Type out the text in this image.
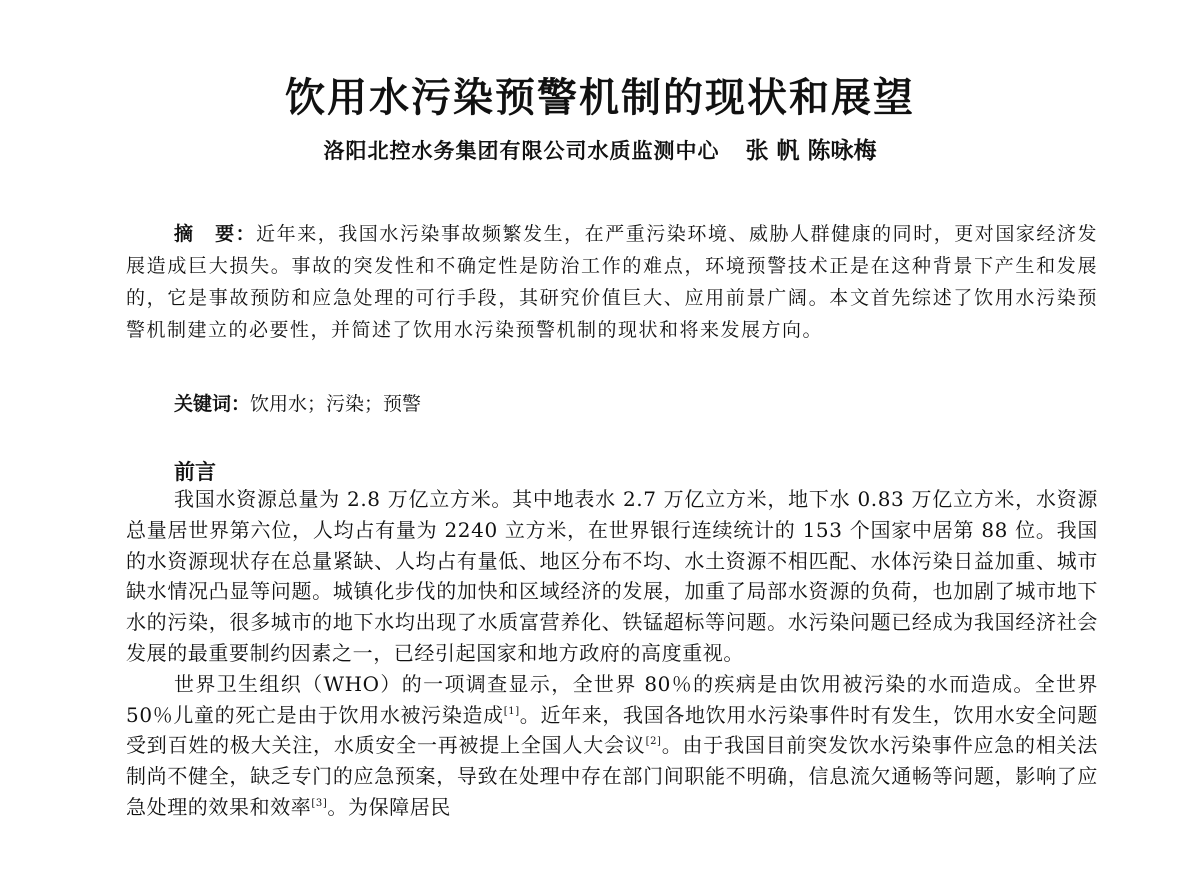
饮用水污染预警机制的现状和展望
洛阳北控水务集团有限公司水质监测中心 张 帆 陈咏梅
摘　要：近年来，我国水污染事故频繁发生，在严重污染环境、威胁人群健康的同时，更对国家经济发展造成巨大损失。事故的突发性和不确定性是防治工作的难点，环境预警技术正是在这种背景下产生和发展的，它是事故预防和应急处理的可行手段，其研究价值巨大、应用前景广阔。本文首先综述了饮用水污染预警机制建立的必要性，并简述了饮用水污染预警机制的现状和将来发展方向。
关键词：饮用水；污染；预警
前言

我国水资源总量为 2.8 万亿立方米。其中地表水 2.7 万亿立方米，地下水 0.83 万亿立方米，水资源总量居世界第六位，人均占有量为 2240 立方米，在世界银行连续统计的 153 个国家中居第 88 位。我国的水资源现状存在总量紧缺、人均占有量低、地区分布不均、水土资源不相匹配、水体污染日益加重、城市缺水情况凸显等问题。城镇化步伐的加快和区域经济的发展，加重了局部水资源的负荷，也加剧了城市地下水的污染，很多城市的地下水均出现了水质富营养化、铁锰超标等问题。水污染问题已经成为我国经济社会发展的最重要制约因素之一，已经引起国家和地方政府的高度重视。

世界卫生组织（WHO）的一项调查显示，全世界 80％的疾病是由饮用被污染的水而造成。全世界 50％儿童的死亡是由于饮用水被污染造成[1]。近年来，我国各地饮用水污染事件时有发生，饮用水安全问题受到百姓的极大关注，水质安全一再被提上全国人大会议[2]。由于我国目前突发饮水污染事件应急的相关法制尚不健全，缺乏专门的应急预案，导致在处理中存在部门间职能不明确，信息流欠通畅等问题，影响了应急处理的效果和效率[3]。为保障居民
